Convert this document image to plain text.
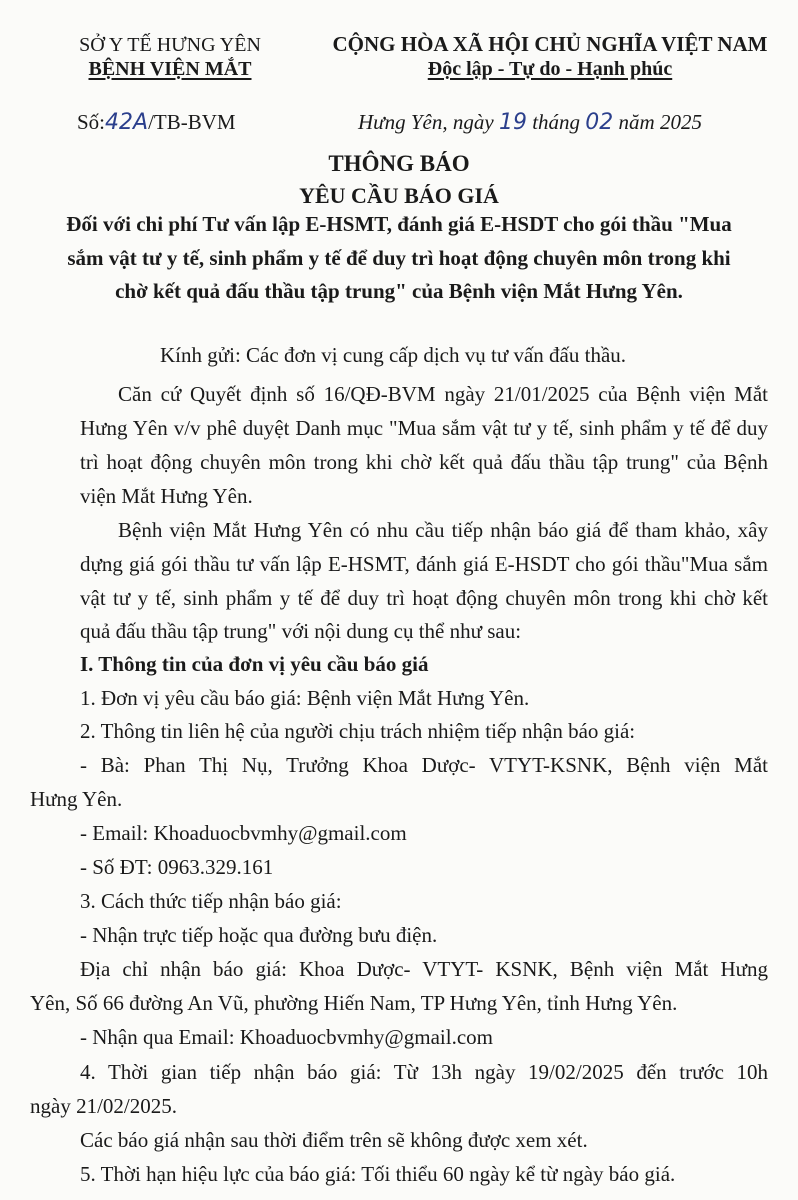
SỞ Y TẾ HƯNG YÊN
BỆNH VIỆN MẮT
CỘNG HÒA XÃ HỘI CHỦ NGHĨA VIỆT NAM
Độc lập - Tự do - Hạnh phúc
Số:42A/TB-BVM	Hưng Yên, ngày 19 tháng 02 năm 2025
THÔNG BÁO
YÊU CẦU BÁO GIÁ
Đối với chi phí Tư vấn lập E-HSMT, đánh giá E-HSDT cho gói thầu "Mua
sắm vật tư y tế, sinh phẩm y tế để duy trì hoạt động chuyên môn trong khi
chờ kết quả đấu thầu tập trung" của Bệnh viện Mắt Hưng Yên.
Kính gửi: Các đơn vị cung cấp dịch vụ tư vấn đấu thầu.
Căn cứ Quyết định số 16/QĐ-BVM ngày 21/01/2025 của Bệnh viện Mắt
Hưng Yên v/v phê duyệt Danh mục "Mua sắm vật tư y tế, sinh phẩm y tế để duy
trì hoạt động chuyên môn trong khi chờ kết quả đấu thầu tập trung" của Bệnh
viện Mắt Hưng Yên.
Bệnh viện Mắt Hưng Yên có nhu cầu tiếp nhận báo giá để tham khảo, xây
dựng giá gói thầu tư vấn lập E-HSMT, đánh giá E-HSDT cho gói thầu"Mua sắm
vật tư y tế, sinh phẩm y tế để duy trì hoạt động chuyên môn trong khi chờ kết
quả đấu thầu tập trung" với nội dung cụ thể như sau:
I. Thông tin của đơn vị yêu cầu báo giá
1. Đơn vị yêu cầu báo giá: Bệnh viện Mắt Hưng Yên.
2. Thông tin liên hệ của người chịu trách nhiệm tiếp nhận báo giá:
- Bà: Phan Thị Nụ, Trưởng Khoa Dược- VTYT-KSNK, Bệnh viện Mắt
Hưng Yên.
- Email: Khoaduocbvmhy@gmail.com
- Số ĐT: 0963.329.161
3. Cách thức tiếp nhận báo giá:
- Nhận trực tiếp hoặc qua đường bưu điện.
Địa chỉ nhận báo giá: Khoa Dược- VTYT- KSNK, Bệnh viện Mắt Hưng
Yên, Số 66 đường An Vũ, phường Hiến Nam, TP Hưng Yên, tỉnh Hưng Yên.
- Nhận qua Email: Khoaduocbvmhy@gmail.com
4. Thời gian tiếp nhận báo giá: Từ 13h ngày 19/02/2025 đến trước 10h
ngày 21/02/2025.
Các báo giá nhận sau thời điểm trên sẽ không được xem xét.
5. Thời hạn hiệu lực của báo giá: Tối thiểu 60 ngày kể từ ngày báo giá.
